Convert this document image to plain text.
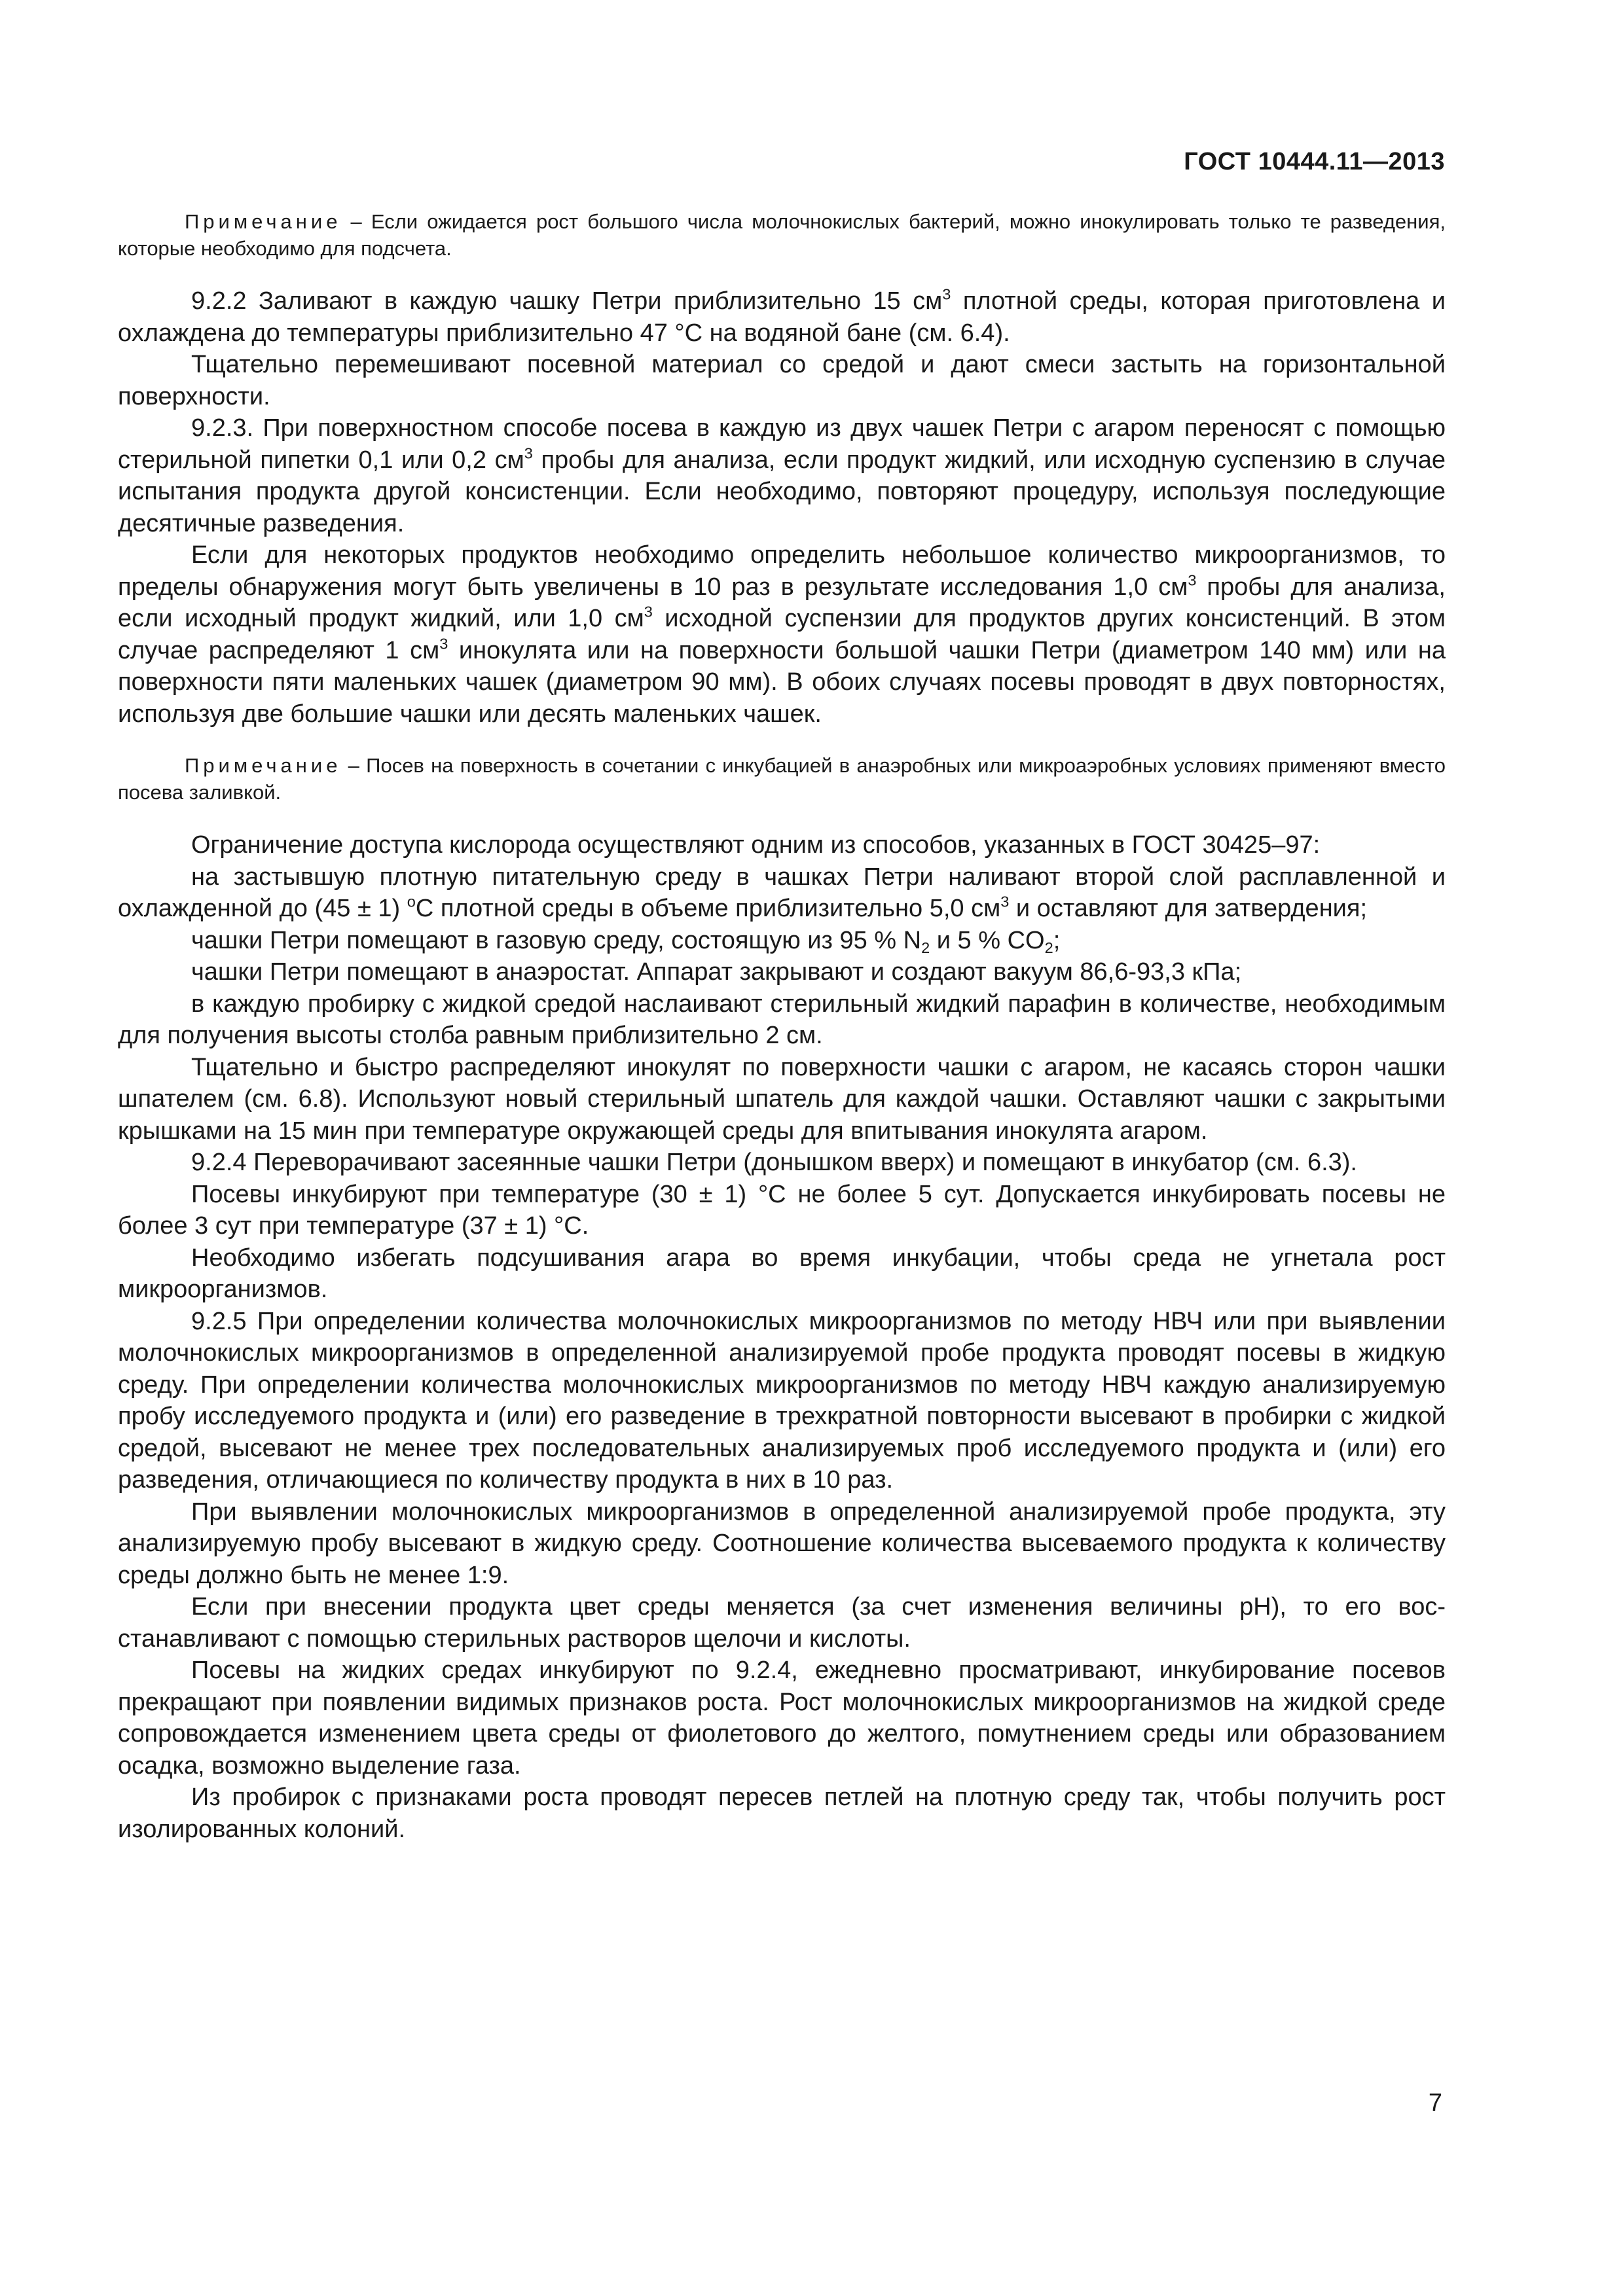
ГОСТ 10444.11—2013

Примечание – Если ожидается рост большого числа молочнокислых бактерий, можно инокулировать только те разведения, которые необходимо для подсчета.

9.2.2 Заливают в каждую чашку Петри приблизительно 15 $см^3$ плотной среды, которая приготовлена и охлаждена до температуры приблизительно 47 °С на водяной бане (см. 6.4).

Тщательно перемешивают посевной материал со средой и дают смеси застыть на горизонтальной поверхности.

9.2.3. При поверхностном способе посева в каждую из двух чашек Петри с агаром переносят с помощью стерильной пипетки 0,1 или 0,2 $см^3$ пробы для анализа, если продукт жидкий, или исходную суспензию в случае испытания продукта другой консистенции. Если необходимо, повторяют процедуру, используя последующие десятичные разведения.

Если для некоторых продуктов необходимо определить небольшое количество микроорганизмов, то пределы обнаружения могут быть увеличены в 10 раз в результате исследования 1,0 $см^3$ пробы для анализа, если исходный продукт жидкий, или 1,0 $см^3$ исходной суспензии для продуктов других консистенций. В этом случае распределяют 1 $см^3$ инокулята или на поверхности большой чашки Петри (диаметром 140 мм) или на поверхности пяти маленьких чашек (диаметром 90 мм). В обоих случаях посевы проводят в двух повторностях, используя две большие чашки или десять маленьких чашек.

Примечание – Посев на поверхность в сочетании с инкубацией в анаэробных или микроаэробных условиях применяют вместо посева заливкой.

Ограничение доступа кислорода осуществляют одним из способов, указанных в ГОСТ 30425–97:

на застывшую плотную питательную среду в чашках Петри наливают второй слой расплавленной и охлажденной до (45 ± 1) $^о$С плотной среды в объеме приблизительно 5,0 $см^3$ и оставляют для затвердения;

чашки Петри помещают в газовую среду, состоящую из 95 % $N_2$ и 5 % $CO_2$;

чашки Петри помещают в анаэростат. Аппарат закрывают и создают вакуум 86,6-93,3 кПа;

в каждую пробирку с жидкой средой наслаивают стерильный жидкий парафин в количестве, необходимым для получения высоты столба равным приблизительно 2 см.

Тщательно и быстро распределяют инокулят по поверхности чашки с агаром, не касаясь сторон чашки шпателем (см. 6.8). Используют новый стерильный шпатель для каждой чашки. Оставляют чашки с закрытыми крышками на 15 мин при температуре окружающей среды для впитывания инокулята агаром.

9.2.4 Переворачивают засеянные чашки Петри (донышком вверх) и помещают в инкубатор (см. 6.3).

Посевы инкубируют при температуре (30 ± 1) °С не более 5 сут. Допускается инкубировать посевы не более 3 сут при температуре (37 ± 1) °С.

Необходимо избегать подсушивания агара во время инкубации, чтобы среда не угнетала рост микроорганизмов.

9.2.5 При определении количества молочнокислых микроорганизмов по методу НВЧ или при выявлении молочнокислых микроорганизмов в определенной анализируемой пробе продукта проводят посевы в жидкую среду. При определении количества молочнокислых микроорганизмов по методу НВЧ каждую анализируемую пробу исследуемого продукта и (или) его разведение в трехкратной повторности высевают в пробирки с жидкой средой, высевают не менее трех последовательных анализируемых проб исследуемого продукта и (или) его разведения, отличающиеся по количеству продукта в них в 10 раз.

При выявлении молочнокислых микроорганизмов в определенной анализируемой пробе продукта, эту анализируемую пробу высевают в жидкую среду. Соотношение количества высеваемого продукта к количеству среды должно быть не менее 1:9.

Если при внесении продукта цвет среды меняется (за счет изменения величины pH), то его восстанавливают с помощью стерильных растворов щелочи и кислоты.

Посевы на жидких средах инкубируют по 9.2.4, ежедневно просматривают, инкубирование посевов прекращают при появлении видимых признаков роста. Рост молочнокислых микроорганизмов на жидкой среде сопровождается изменением цвета среды от фиолетового до желтого, помутнением среды или образованием осадка, возможно выделение газа.

Из пробирок с признаками роста проводят пересев петлей на плотную среду так, чтобы получить рост изолированных колоний.

7
